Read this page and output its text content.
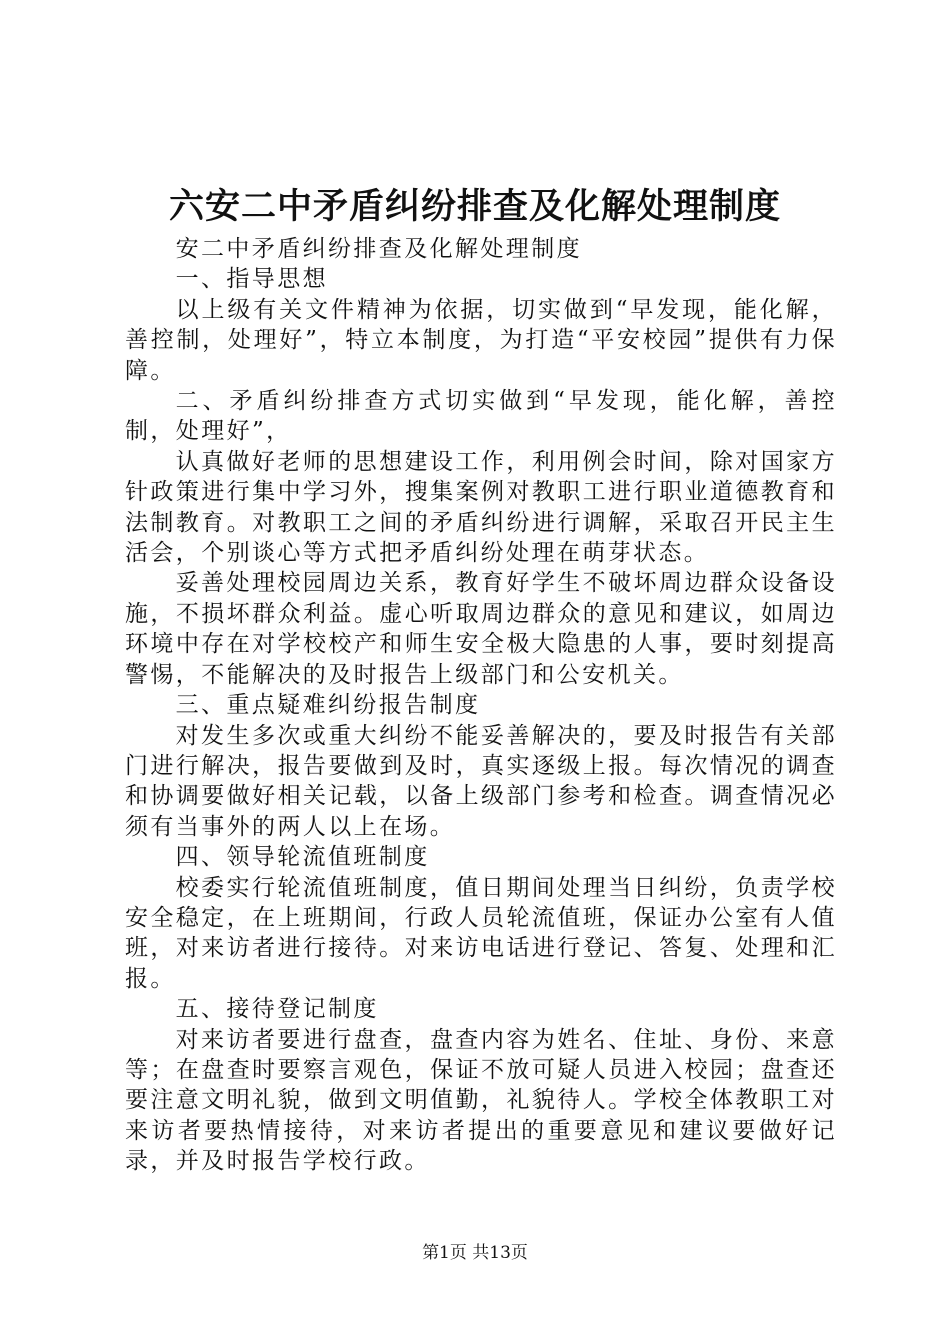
六安二中矛盾纠纷排查及化解处理制度

安二中矛盾纠纷排查及化解处理制度

一、指导思想

以上级有关文件精神为依据，切实做到“早发现，能化解，善控制，处理好”，特立本制度，为打造“平安校园”提供有力保障。

二、矛盾纠纷排查方式切实做到“早发现，能化解，善控制，处理好”，

认真做好老师的思想建设工作，利用例会时间，除对国家方针政策进行集中学习外，搜集案例对教职工进行职业道德教育和法制教育。对教职工之间的矛盾纠纷进行调解，采取召开民主生活会，个别谈心等方式把矛盾纠纷处理在萌芽状态。

妥善处理校园周边关系，教育好学生不破坏周边群众设备设施，不损坏群众利益。虚心听取周边群众的意见和建议，如周边环境中存在对学校校产和师生安全极大隐患的人事，要时刻提高警惕，不能解决的及时报告上级部门和公安机关。

三、重点疑难纠纷报告制度

对发生多次或重大纠纷不能妥善解决的，要及时报告有关部门进行解决，报告要做到及时，真实逐级上报。每次情况的调查和协调要做好相关记载，以备上级部门参考和检查。调查情况必须有当事外的两人以上在场。

四、领导轮流值班制度

校委实行轮流值班制度，值日期间处理当日纠纷，负责学校安全稳定，在上班期间，行政人员轮流值班，保证办公室有人值班，对来访者进行接待。对来访电话进行登记、答复、处理和汇报。

五、接待登记制度

对来访者要进行盘查，盘查内容为姓名、住址、身份、来意等；在盘查时要察言观色，保证不放可疑人员进入校园；盘查还要注意文明礼貌，做到文明值勤，礼貌待人。学校全体教职工对来访者要热情接待，对来访者提出的重要意见和建议要做好记录，并及时报告学校行政。

第1页 共13页
